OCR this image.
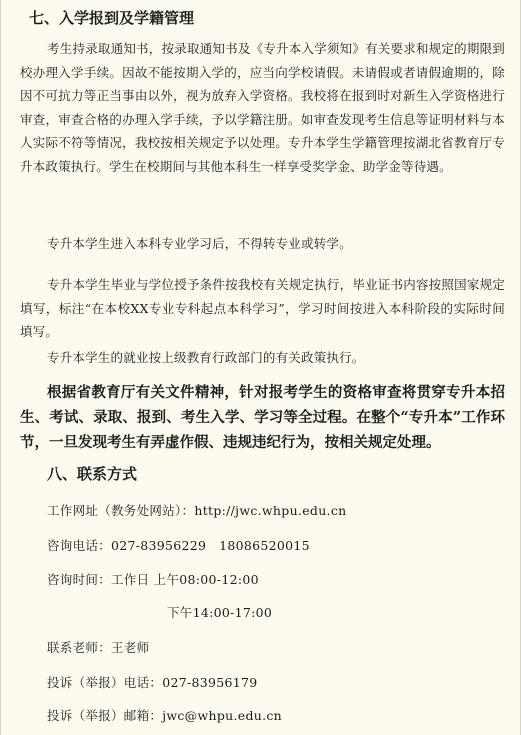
七、入学报到及学籍管理

考生持录取通知书，按录取通知书及《专升本入学须知》有关要求和规定的期限到校办理入学手续。因故不能按期入学的，应当向学校请假。未请假或者请假逾期的，除因不可抗力等正当事由以外，视为放弃入学资格。我校将在报到时对新生入学资格进行审查，审查合格的办理入学手续，予以学籍注册。如审查发现考生信息等证明材料与本人实际不符等情况，我校按相关规定予以处理。专升本学生学籍管理按湖北省教育厅专升本政策执行。学生在校期间与其他本科生一样享受奖学金、助学金等待遇。

专升本学生进入本科专业学习后，不得转专业或转学。

专升本学生毕业与学位授予条件按我校有关规定执行，毕业证书内容按照国家规定填写，标注“在本校XX专业专科起点本科学习”，学习时间按进入本科阶段的实际时间填写。

专升本学生的就业按上级教育行政部门的有关政策执行。

根据省教育厅有关文件精神，针对报考学生的资格审查将贯穿专升本招生、考试、录取、报到、考生入学、学习等全过程。在整个“专升本”工作环节，一旦发现考生有弄虚作假、违规违纪行为，按相关规定处理。

八、联系方式
工作网址（教务处网站）：http://jwc.whpu.edu.cn
咨询电话：027-83956229　18086520015
咨询时间：工作日 上午08:00-12:00
下午14:00-17:00
联系老师：王老师
投诉（举报）电话：027-83956179
投诉（举报）邮箱：jwc@whpu.edu.cn
